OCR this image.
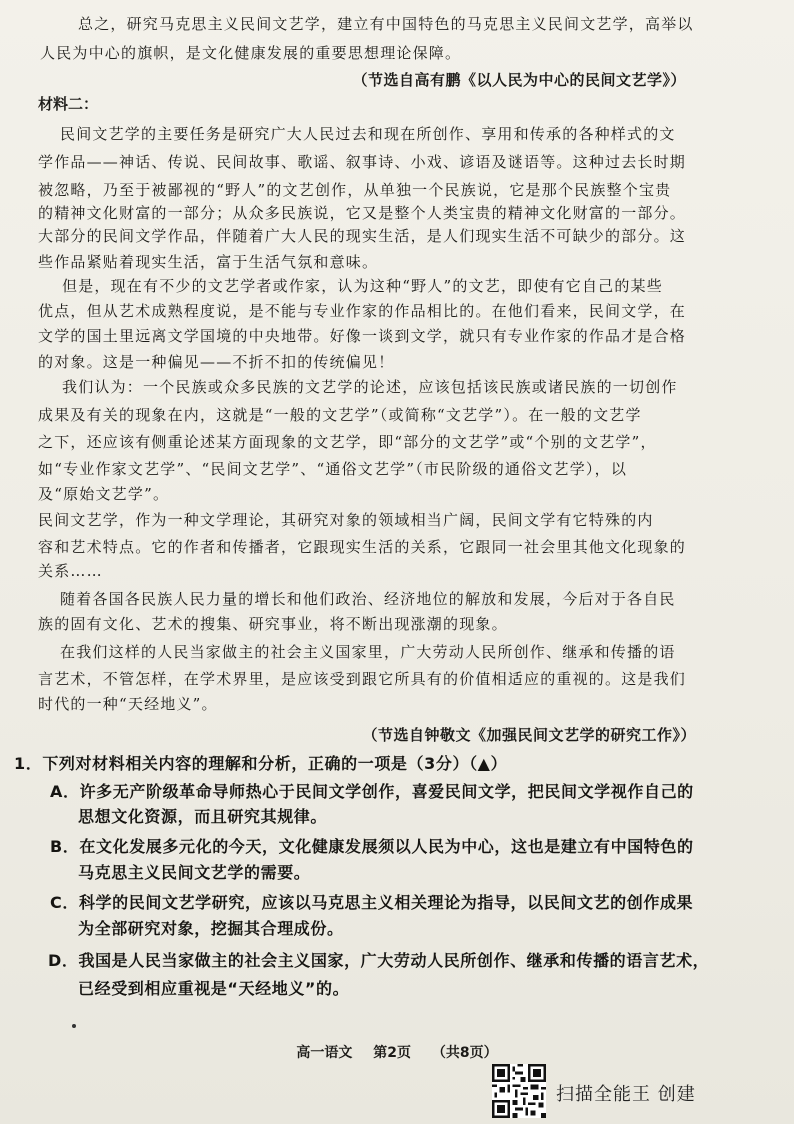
总之，研究马克思主义民间文艺学，建立有中国特色的马克思主义民间文艺学，高举以
人民为中心的旗帜，是文化健康发展的重要思想理论保障。
（节选自高有鹏《以人民为中心的民间文艺学》）
材料二：
民间文艺学的主要任务是研究广大人民过去和现在所创作、享用和传承的各种样式的文
学作品——神话、传说、民间故事、歌谣、叙事诗、小戏、谚语及谜语等。这种过去长时期
被忽略，乃至于被鄙视的“野人”的文艺创作，从单独一个民族说，它是那个民族整个宝贵
的精神文化财富的一部分；从众多民族说，它又是整个人类宝贵的精神文化财富的一部分。
大部分的民间文学作品，伴随着广大人民的现实生活，是人们现实生活不可缺少的部分。这
些作品紧贴着现实生活，富于生活气氛和意味。
但是，现在有不少的文艺学者或作家，认为这种“野人”的文艺，即使有它自己的某些
优点，但从艺术成熟程度说，是不能与专业作家的作品相比的。在他们看来，民间文学，在
文学的国土里远离文学国境的中央地带。好像一谈到文学，就只有专业作家的作品才是合格
的对象。这是一种偏见——不折不扣的传统偏见！
我们认为：一个民族或众多民族的文艺学的论述，应该包括该民族或诸民族的一切创作
成果及有关的现象在内，这就是“一般的文艺学”（或简称“文艺学”）。在一般的文艺学
之下，还应该有侧重论述某方面现象的文艺学，即“部分的文艺学”或“个别的文艺学”，
如“专业作家文艺学”、“民间文艺学”、“通俗文艺学”（市民阶级的通俗文艺学），以
及“原始文艺学”。
民间文艺学，作为一种文学理论，其研究对象的领域相当广阔，民间文学有它特殊的内
容和艺术特点。它的作者和传播者，它跟现实生活的关系，它跟同一社会里其他文化现象的
关系……
随着各国各民族人民力量的增长和他们政治、经济地位的解放和发展，今后对于各自民
族的固有文化、艺术的搜集、研究事业，将不断出现涨潮的现象。
在我们这样的人民当家做主的社会主义国家里，广大劳动人民所创作、继承和传播的语
言艺术，不管怎样，在学术界里，是应该受到跟它所具有的价值相适应的重视的。这是我们
时代的一种“天经地义”。
（节选自钟敬文《加强民间文艺学的研究工作》）
1．下列对材料相关内容的理解和分析，正确的一项是（3分）（▲）
A．许多无产阶级革命导师热心于民间文学创作，喜爱民间文学，把民间文学视作自己的
思想文化资源，而且研究其规律。
B．在文化发展多元化的今天，文化健康发展须以人民为中心，这也是建立有中国特色的
马克思主义民间文艺学的需要。
C．科学的民间文艺学研究，应该以马克思主义相关理论为指导，以民间文艺的创作成果
为全部研究对象，挖掘其合理成份。
D．我国是人民当家做主的社会主义国家，广大劳动人民所创作、继承和传播的语言艺术，
已经受到相应重视是“天经地义”的。
高一语文 第2页 （共8页）
扫描全能王 创建
